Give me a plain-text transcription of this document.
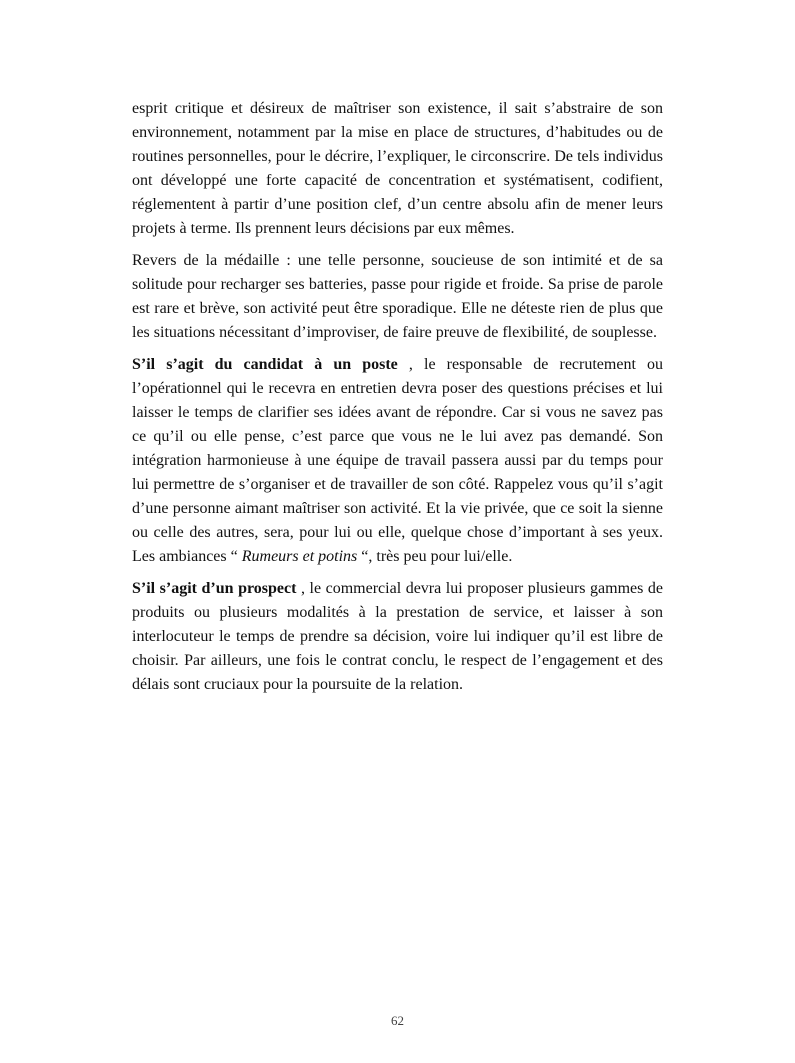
esprit critique et désireux de maîtriser son existence, il sait s’abstraire de son environnement, notamment par la mise en place de structures, d’habitudes ou de routines personnelles, pour le décrire, l’expliquer, le circonscrire. De tels individus ont développé une forte capacité de concentration et systématisent, codifient, réglementent à partir d’une position clef, d’un centre absolu afin de mener leurs projets à terme. Ils prennent leurs décisions par eux mêmes.

Revers de la médaille : une telle personne, soucieuse de son intimité et de sa solitude pour recharger ses batteries, passe pour rigide et froide. Sa prise de parole est rare et brève, son activité peut être sporadique. Elle ne déteste rien de plus que les situations nécessitant d’improviser, de faire preuve de flexibilité, de souplesse.

S’il s’agit du candidat à un poste , le responsable de recrutement ou l’opérationnel qui le recevra en entretien devra poser des questions précises et lui laisser le temps de clarifier ses idées avant de répondre. Car si vous ne savez pas ce qu’il ou elle pense, c’est parce que vous ne le lui avez pas demandé. Son intégration harmonieuse à une équipe de travail passera aussi par du temps pour lui permettre de s’organiser et de travailler de son côté. Rappelez vous qu’il s’agit d’une personne aimant maîtriser son activité. Et la vie privée, que ce soit la sienne ou celle des autres, sera, pour lui ou elle, quelque chose d’important à ses yeux. Les ambiances “ Rumeurs et potins “, très peu pour lui/elle.

S’il s’agit d’un prospect , le commercial devra lui proposer plusieurs gammes de produits ou plusieurs modalités à la prestation de service, et laisser à son interlocuteur le temps de prendre sa décision, voire lui indiquer qu’il est libre de choisir. Par ailleurs, une fois le contrat conclu, le respect de l’engagement et des délais sont cruciaux pour la poursuite de la relation.

62
